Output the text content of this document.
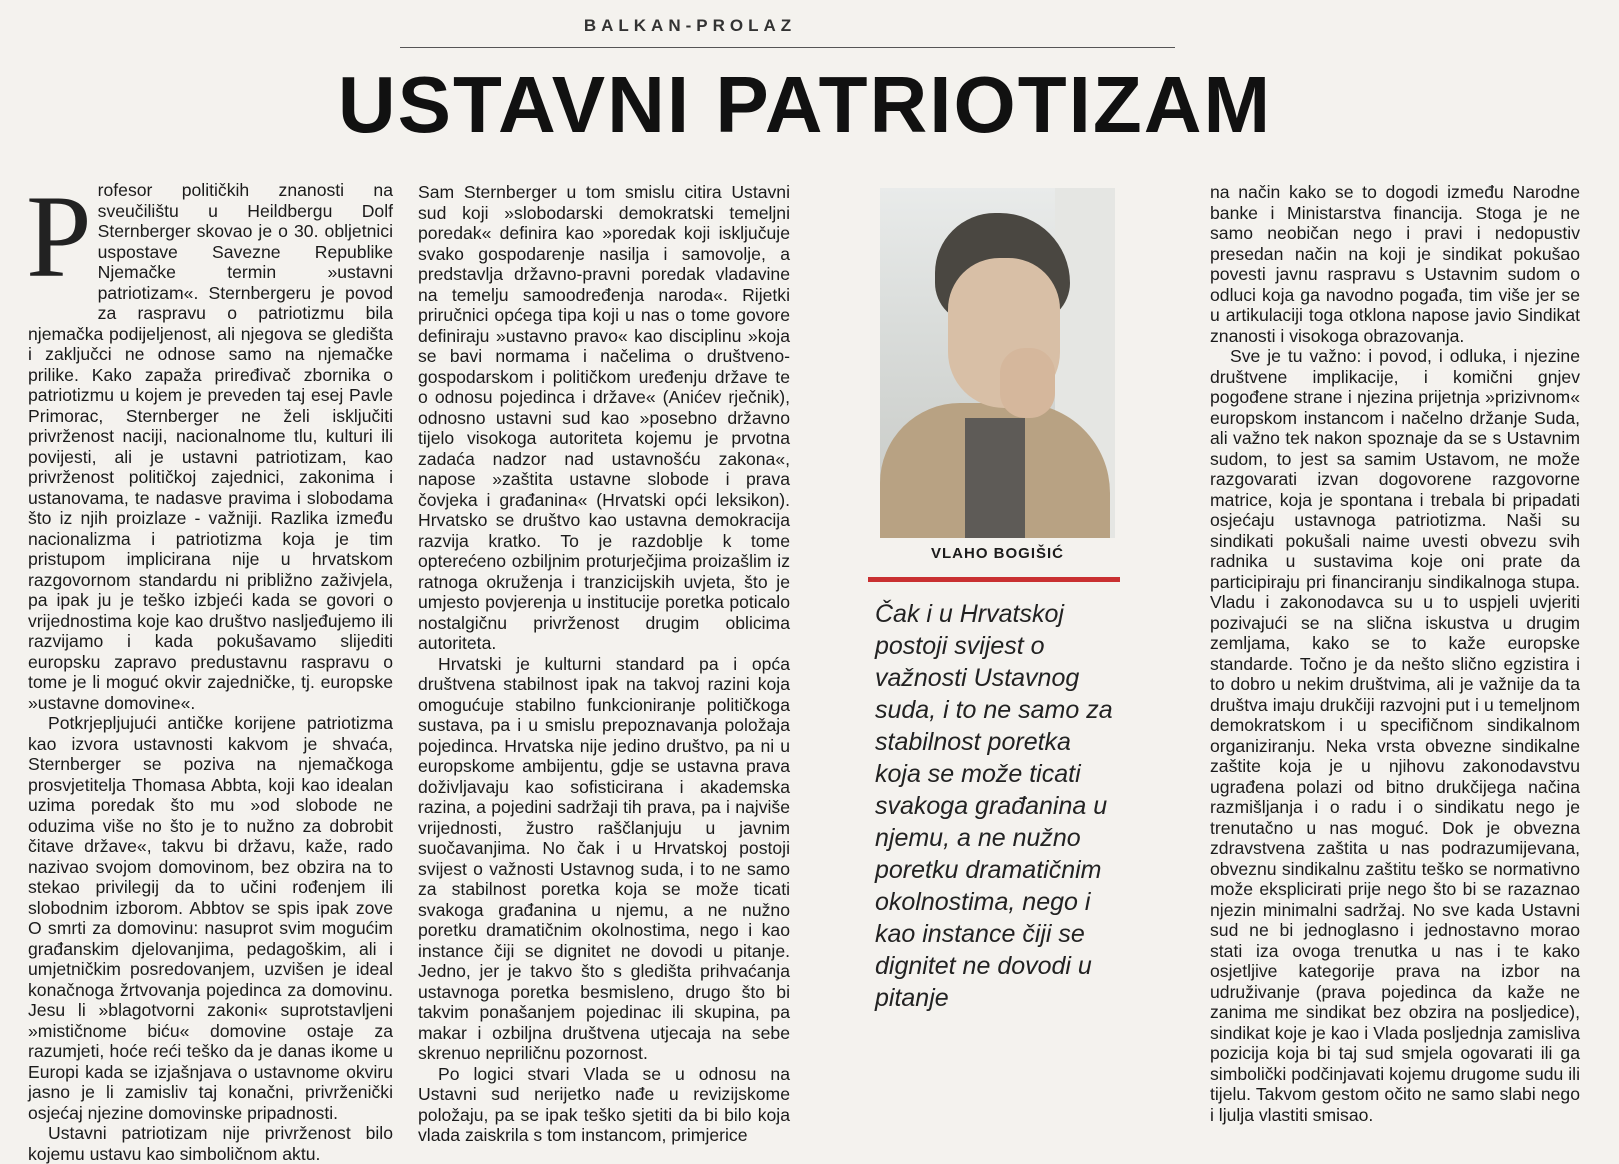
BALKAN-PROLAZ
USTAVNI PATRIOTIZAM
P rofesor političkih znanosti na sveučilištu u Heildbergu Dolf Sternberger skovao je o 30. obljetnici uspostave Savezne Republike Njemačke termin »ustavni patriotizam«. Sternbergeru je povod za raspravu o patriotizmu bila njemačka podijeljenost, ali njegova se gledišta i zaključci ne odnose samo na njemačke prilike. Kako zapaža priređivač zbornika o patriotizmu u kojem je preveden taj esej Pavle Primorac, Sternberger ne želi isključiti privrženost naciji, nacionalnome tlu, kulturi ili povijesti, ali je ustavni patriotizam, kao privrženost političkoj zajednici, zakonima i ustanovama, te nadasve pravima i slobodama što iz njih proizlaze - važniji. Razlika između nacionalizma i patriotizma koja je tim pristupom implicirana nije u hrvatskom razgovornom standardu ni približno zaživjela, pa ipak ju je teško izbjeći kada se govori o vrijednostima koje kao društvo nasljeđujemo ili razvijamo i kada pokušavamo slijediti europsku zapravo predustavnu raspravu o tome je li moguć okvir zajedničke, tj. europske »ustavne domovine«.

Potkrjepljujući antičke korijene patriotizma kao izvora ustavnosti kakvom je shvaća, Sternberger se poziva na njemačkoga prosvjetitelja Thomasa Abbta, koji kao idealan uzima poredak što mu »od slobode ne oduzima više no što je to nužno za dobrobit čitave države«, takvu bi državu, kaže, rado nazivao svojom domovinom, bez obzira na to stekao privilegij da to učini rođenjem ili slobodnim izborom. Abbtov se spis ipak zove O smrti za domovinu: nasuprot svim mogućim građanskim djelovanjima, pedagoškim, ali i umjetničkim posredovanjem, uzvišen je ideal konačnoga žrtvovanja pojedinca za domovinu. Jesu li »blagotvorni zakoni« suprotstavljeni »mističnome biću« domovine ostaje za razumjeti, hoće reći teško da je danas ikome u Europi kada se izjašnjava o ustavnome okviru jasno je li zamisliv taj konačni, privrženički osjećaj njezine domovinske pripadnosti.

Ustavni patriotizam nije privrženost bilo kojemu ustavu kao simboličnom aktu.

Sam Sternberger u tom smislu citira Ustavni sud koji »slobodarski demokratski temeljni poredak« definira kao »poredak koji isključuje svako gospodarenje nasilja i samovolje, a predstavlja državno-pravni poredak vladavine na temelju samoodređenja naroda«. Rijetki priručnici općega tipa koji u nas o tome govore definiraju »ustavno pravo« kao disciplinu »koja se bavi normama i načelima o društveno-gospodarskom i političkom uređenju države te o odnosu pojedinca i države« (Anićev rječnik), odnosno ustavni sud kao »posebno državno tijelo visokoga autoriteta kojemu je prvotna zadaća nadzor nad ustavnošću zakona«, napose »zaštita ustavne slobode i prava čovjeka i građanina« (Hrvatski opći leksikon). Hrvatsko se društvo kao ustavna demokracija razvija kratko. To je razdoblje k tome opterećeno ozbiljnim proturječjima proizašlim iz ratnoga okruženja i tranzicijskih uvjeta, što je umjesto povjerenja u institucije poretka poticalo nostalgičnu privrženost drugim oblicima autoriteta.

Hrvatski je kulturni standard pa i opća društvena stabilnost ipak na takvoj razini koja omogućuje stabilno funkcioniranje političkoga sustava, pa i u smislu prepoznavanja položaja pojedinca. Hrvatska nije jedino društvo, pa ni u europskome ambijentu, gdje se ustavna prava doživljavaju kao sofisticirana i akademska razina, a pojedini sadržaji tih prava, pa i najviše vrijednosti, žustro raščlanjuju u javnim suočavanjima. No čak i u Hrvatskoj postoji svijest o važnosti Ustavnog suda, i to ne samo za stabilnost poretka koja se može ticati svakoga građanina u njemu, a ne nužno poretku dramatičnim okolnostima, nego i kao instance čiji se dignitet ne dovodi u pitanje. Jedno, jer je takvo što s gledišta prihvaćanja ustavnoga poretka besmisleno, drugo što bi takvim ponašanjem pojedinac ili skupina, pa makar i ozbiljna društvena utjecaja na sebe skrenuo nepriličnu pozornost.

Po logici stvari Vlada se u odnosu na Ustavni sud nerijetko nađe u revizijskome položaju, pa se ipak teško sjetiti da bi bilo koja vlada zaiskrila s tom instancom, primjerice

VLAHO BOGIŠIĆ
Čak i u Hrvatskoj
postoji svijest o
važnosti Ustavnog
suda, i to ne samo za
stabilnost poretka
koja se može ticati
svakoga građanina u
njemu, a ne nužno
poretku dramatičnim
okolnostima, nego i
kao instance čiji se
dignitet ne dovodi u
pitanje

na način kako se to dogodi između Narodne banke i Ministarstva financija. Stoga je ne samo neobičan nego i pravi i nedopustiv presedan način na koji je sindikat pokušao povesti javnu raspravu s Ustavnim sudom o odluci koja ga navodno pogađa, tim više jer se u artikulaciji toga otklona napose javio Sindikat znanosti i visokoga obrazovanja.

Sve je tu važno: i povod, i odluka, i njezine društvene implikacije, i komični gnjev pogođene strane i njezina prijetnja »prizivnom« europskom instancom i načelno držanje Suda, ali važno tek nakon spoznaje da se s Ustavnim sudom, to jest sa samim Ustavom, ne može razgovarati izvan dogovorene razgovorne matrice, koja je spontana i trebala bi pripadati osjećaju ustavnoga patriotizma. Naši su sindikati pokušali naime uvesti obvezu svih radnika u sustavima koje oni prate da participiraju pri financiranju sindikalnoga stupa. Vladu i zakonodavca su u to uspjeli uvjeriti pozivajući se na slična iskustva u drugim zemljama, kako se to kaže europske standarde. Točno je da nešto slično egzistira i to dobro u nekim društvima, ali je važnije da ta društva imaju drukčiji razvojni put i u temeljnom demokratskom i u specifičnom sindikalnom organiziranju. Neka vrsta obvezne sindikalne zaštite koja je u njihovu zakonodavstvu ugrađena polazi od bitno drukčijega načina razmišljanja i o radu i o sindikatu nego je trenutačno u nas moguć. Dok je obvezna zdravstvena zaštita u nas podrazumijevana, obveznu sindikalnu zaštitu teško se normativno može eksplicirati prije nego što bi se razaznao njezin minimalni sadržaj. No sve kada Ustavni sud ne bi jednoglasno i jednostavno morao stati iza ovoga trenutka u nas i te kako osjetljive kategorije prava na izbor na udruživanje (prava pojedinca da kaže ne zanima me sindikat bez obzira na posljedice), sindikat koje je kao i Vlada posljednja zamisliva pozicija koja bi taj sud smjela ogovarati ili ga simbolički podčinjavati kojemu drugome sudu ili tijelu. Takvom gestom očito ne samo slabi nego i ljulja vlastiti smisao.
